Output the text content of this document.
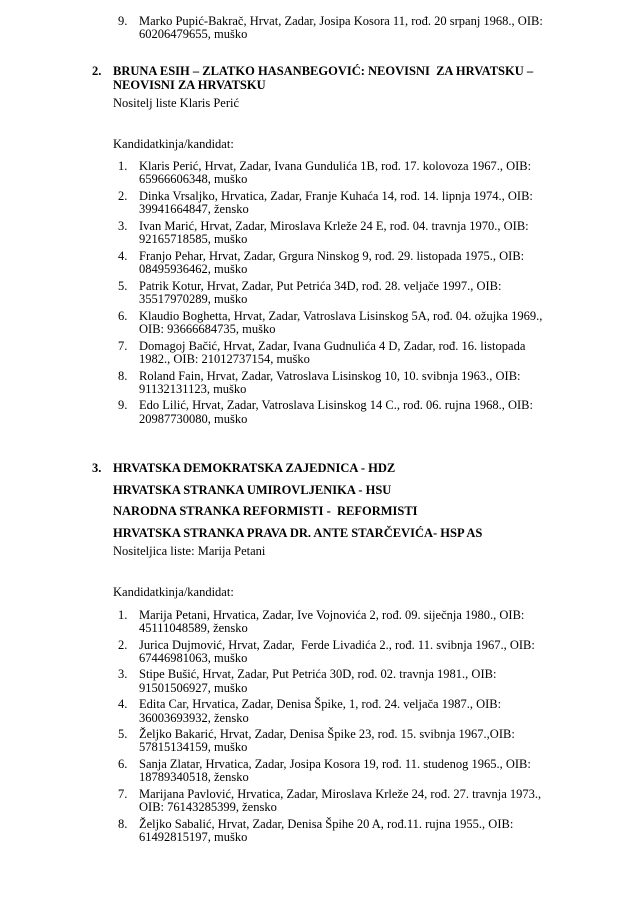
9. Marko Pupić-Bakrač, Hrvat, Zadar, Josipa Kosora 11, rođ. 20 srpanj 1968., OIB: 60206479655, muško
2. BRUNA ESIH – ZLATKO HASANBEGOVIĆ: NEOVISNI  ZA HRVATSKU – NEOVISNI ZA HRVATSKU

Nositelj liste Klaris Perić
Kandidatkinja/kandidat:
1. Klaris Perić, Hrvat, Zadar, Ivana Gundulića 1B, rođ. 17. kolovoza 1967., OIB: 65966606348, muško
2. Dinka Vrsaljko, Hrvatica, Zadar, Franje Kuhaća 14, rođ. 14. lipnja 1974., OIB: 39941664847, žensko
3. Ivan Marić, Hrvat, Zadar, Miroslava Krleže 24 E, rođ. 04. travnja 1970., OIB: 92165718585, muško
4. Franjo Pehar, Hrvat, Zadar, Grgura Ninskog 9, rođ. 29. listopada 1975., OIB: 08495936462, muško
5. Patrik Kotur, Hrvat, Zadar, Put Petrića 34D, rođ. 28. veljače 1997., OIB: 35517970289, muško
6. Klaudio Boghetta, Hrvat, Zadar, Vatroslava Lisinskog 5A, rođ. 04. ožujka 1969., OIB: 93666684735, muško
7. Domagoj Bačić, Hrvat, Zadar, Ivana Gudnulića 4 D, Zadar, rođ. 16. listopada 1982., OIB: 21012737154, muško
8. Roland Fain, Hrvat, Zadar, Vatroslava Lisinskog 10, 10. svibnja 1963., OIB: 91132131123, muško
9. Edo Lilić, Hrvat, Zadar, Vatroslava Lisinskog 14 C., rođ. 06. rujna 1968., OIB: 20987730080, muško
3. HRVATSKA DEMOKRATSKA ZAJEDNICA - HDZ

HRVATSKA STRANKA UMIROVLJENIKA - HSU

NARODNA STRANKA REFORMISTI -  REFORMISTI

HRVATSKA STRANKA PRAVA DR. ANTE STARČEVIĆA- HSP AS

Nositeljica liste: Marija Petani
Kandidatkinja/kandidat:
1. Marija Petani, Hrvatica, Zadar, Ive Vojnovića 2, rođ. 09. siječnja 1980., OIB: 45111048589, žensko
2. Jurica Dujmović, Hrvat, Zadar,  Ferde Livadića 2., rođ. 11. svibnja 1967., OIB: 67446981063, muško
3. Stipe Bušić, Hrvat, Zadar, Put Petrića 30D, rođ. 02. travnja 1981., OIB: 91501506927, muško
4. Edita Car, Hrvatica, Zadar, Denisa Špike, 1, rođ. 24. veljača 1987., OIB: 36003693932, žensko
5. Željko Bakarić, Hrvat, Zadar, Denisa Špike 23, rođ. 15. svibnja 1967.,OIB: 57815134159, muško
6. Sanja Zlatar, Hrvatica, Zadar, Josipa Kosora 19, rođ. 11. studenog 1965., OIB: 18789340518, žensko
7. Marijana Pavlović, Hrvatica, Zadar, Miroslava Krleže 24, rođ. 27. travnja 1973., OIB: 76143285399, žensko
8. Željko Sabalić, Hrvat, Zadar, Denisa Špihe 20 A, rođ.11. rujna 1955., OIB: 61492815197, muško
